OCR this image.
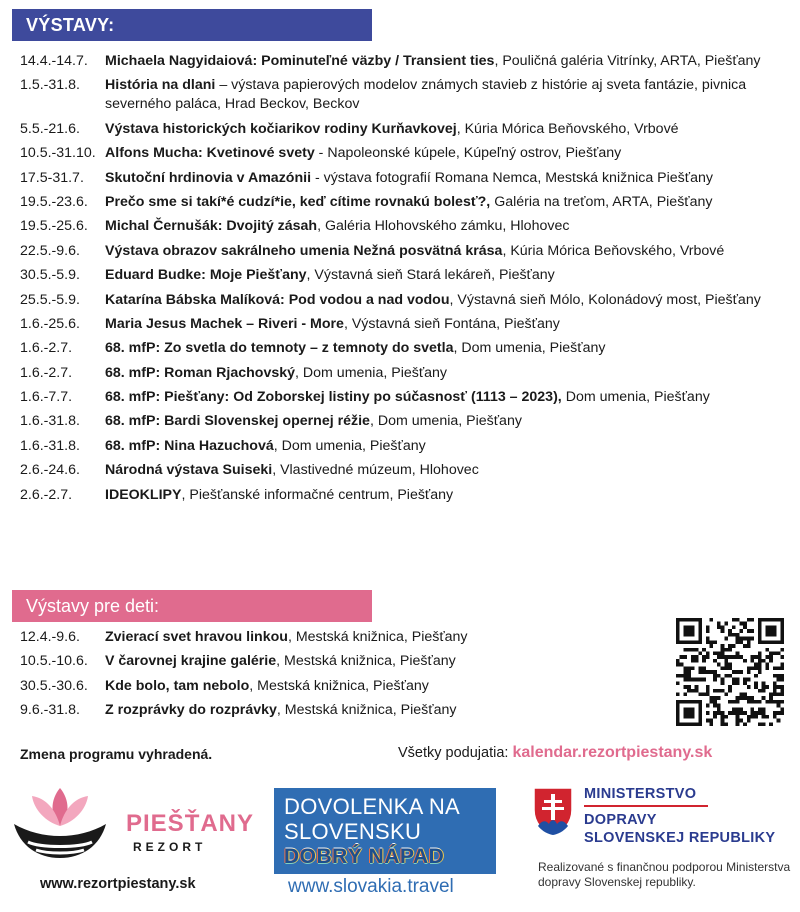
VÝSTAVY:
14.4.-14.7.	Michaela Nagyidaiová: Pominuteľné väzby / Transient ties, Pouličná galéria Vitrínky, ARTA, Piešťany
1.5.-31.8.	História na dlani – výstava papierových modelov známych stavieb z histórie aj sveta fantázie, pivnica severného paláca, Hrad Beckov, Beckov
5.5.-21.6.	Výstava historických kočiarikov rodiny Kurňavkovej, Kúria Mórica Beňovského, Vrbové
10.5.-31.10. Alfons Mucha: Kvetinové svety - Napoleonské kúpele, Kúpeľný ostrov, Piešťany
17.5-31.7.	Skutoční hrdinovia v Amazónii - výstava fotografií Romana Nemca, Mestská knižnica Piešťany
19.5.-23.6.	Prečo sme si takí*é cudzí*ie, keď cítime rovnakú bolesť?, Galéria na treťom, ARTA, Piešťany
19.5.-25.6.	Michal Černušák: Dvojitý zásah, Galéria Hlohovského zámku, Hlohovec
22.5.-9.6.	Výstava obrazov sakrálneho umenia Nežná posvätná krása, Kúria Mórica Beňovského, Vrbové
30.5.-5.9.	Eduard Budke: Moje Piešťany, Výstavná sieň Stará lekáreň, Piešťany
25.5.-5.9.	Katarína Bábska Malíková: Pod vodou a nad vodou, Výstavná sieň Mólo, Kolonádový most, Piešťany
1.6.-25.6.	Maria Jesus Machek – Riveri - More, Výstavná sieň Fontána, Piešťany
1.6.-2.7.	68. mfP: Zo svetla do temnoty – z temnoty do svetla, Dom umenia, Piešťany
1.6.-2.7.	68. mfP: Roman Rjachovský, Dom umenia, Piešťany
1.6.-7.7.	68. mfP: Piešťany: Od Zoborskej listiny po súčasnosť (1113 – 2023), Dom umenia, Piešťany
1.6.-31.8.	68. mfP: Bardi Slovenskej opernej réžie, Dom umenia, Piešťany
1.6.-31.8.	68. mfP: Nina Hazuchová, Dom umenia, Piešťany
2.6.-24.6.	Národná výstava Suiseki, Vlastivedné múzeum, Hlohovec
2.6.-2.7.	IDEOKLIPY, Piešťanské informačné centrum, Piešťany
Výstavy pre deti:
12.4.-9.6.	Zvierací svet hravou linkou, Mestská knižnica, Piešťany
10.5.-10.6.	V čarovnej krajine galérie, Mestská knižnica, Piešťany
30.5.-30.6.	Kde bolo, tam nebolo, Mestská knižnica, Piešťany
9.6.-31.8.	Z rozprávky do rozprávky, Mestská knižnica, Piešťany
Zmena programu vyhradená.	Všetky podujatia: kalendar.rezortpiestany.sk
PIEŠŤANY
REZORT
www.rezortpiestany.sk
DOVOLENKA NA
SLOVENSKU
DOBRÝ NÁPAD
www.slovakia.travel
MINISTERSTVO
DOPRAVY
SLOVENSKEJ REPUBLIKY
Realizované s finančnou podporou Ministerstva dopravy Slovenskej republiky.
